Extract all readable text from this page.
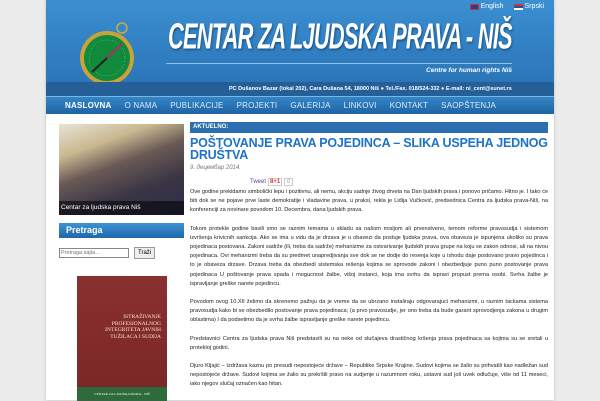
English	Srpski
CENTAR ZA LJUDSKA PRAVA - NIŠ
Centre for human rights Niš
PC Dušanov Bazar (lokal 202), Cara Dušana 54, 18000 Niš ● Tel./Fax. 018/524-332 ● E-mail: ni_cent@eunet.rs
NASLOVNA O NAMA PUBLIKACIJE PROJEKTI GALERIJA LINKOVI KONTAKT SAOPŠTENJA
Centar za ljudska prava Niš
Pretraga
Pretraga sajta...
Traži
ISTRAŽIVANJE PROFESIONALNOG INTEGRITETA JAVNIH TUŽILACA I SUDIJA
CENTAR ZA LJUDSKA PRAVA - NIŠ
AKTUELNO:
POŠTOVANJE PRAVA POJEDINCA – SLIKA USPEHA JEDNOG DRUŠTVA
9. децембар 2014.
Tweet 8+1	0

Ove godine prekidamo simbolički lepu i pozitivnu, ali nemu, akciju sadnje živog drveta na Dan ljudskih prava i ponovo pričamo. Hitno je. I tako će biti dok se ne pojave prve laste demokratije i vladavine prava, u praksi, rekla je Lidija Vučković, predsednica Centra za ljudska prava-Niš, na konferenciji za novinare povodom 10. Decembra, dana ljudskih prava.

Tokom protekle godine bavili smo se raznim temama u skladu sa našom misljom ali prvenstveno, temom reforme pravosudja i sistemom izvršenja krivicnih sankcija. Ako se ima u vidu da je drzava je u obavezi da postuje ljudska prava, ova obaveza je ispunjena ukoliko su prava pojedinaca postovana. Zakoni sadrže (ili, treba da sadrže) mehanizme za ostvarivanje ljudskih prava grupe na koju se zakon odnosi, ali na nivou pojedinaca. Ovi mehanizmi treba da su predmet unapredjivanja sve dok se ne dodje do resenja koje u ishodu daje postovano pravo pojedinca i to je obaveza drzave. Drzava treba da obezbedi sistemska rešenja kojima se sprovode zakoni i obezbedjuje puno puno postovanje prava pojedinaca U poštovanje prava spada i mogucnost žalbe, višoj instanci, koja ima svrhu da ispravi propust prema osobi. Svrha žalbe je ispravljanje greške narete pojedincu.

Povodom ovog 10.XII želimo da skrenemo pažnju da je vreme da se ubrzano instaliraju odgovarajuci mehanizmi, u raznim tackama sistema pravosudja kako bi se obezbedilo postovanje prava pojedinaca; (a prvo pravosudje, jer ono treba da bude garant sprovodjenja zakona u drugim oblastima) I da podsetimo da je svrha žalbe ispravljanje greške narete pojedincu.

Predstavnici Centra za ljudska prava Niš predstavili su na neke od slučajeva drastičnog kršenja prava pojedinaca sa kojima su se sretali u protekloj godini.

Djuro Kljajić – Izdržava kaznu po presudi nepostojeće države – Republike Srpske Krajine. Sudovi kojima se žalio su prihvatili kao nadležan sud nepostojeće države. Sudovi kojima se žalio su prekršili pravo na sudjenje u razumnom roku, ustavni sud još uvek odlučuje, više od 11 meseci, iako njegov slučaj označen kao hitan.
